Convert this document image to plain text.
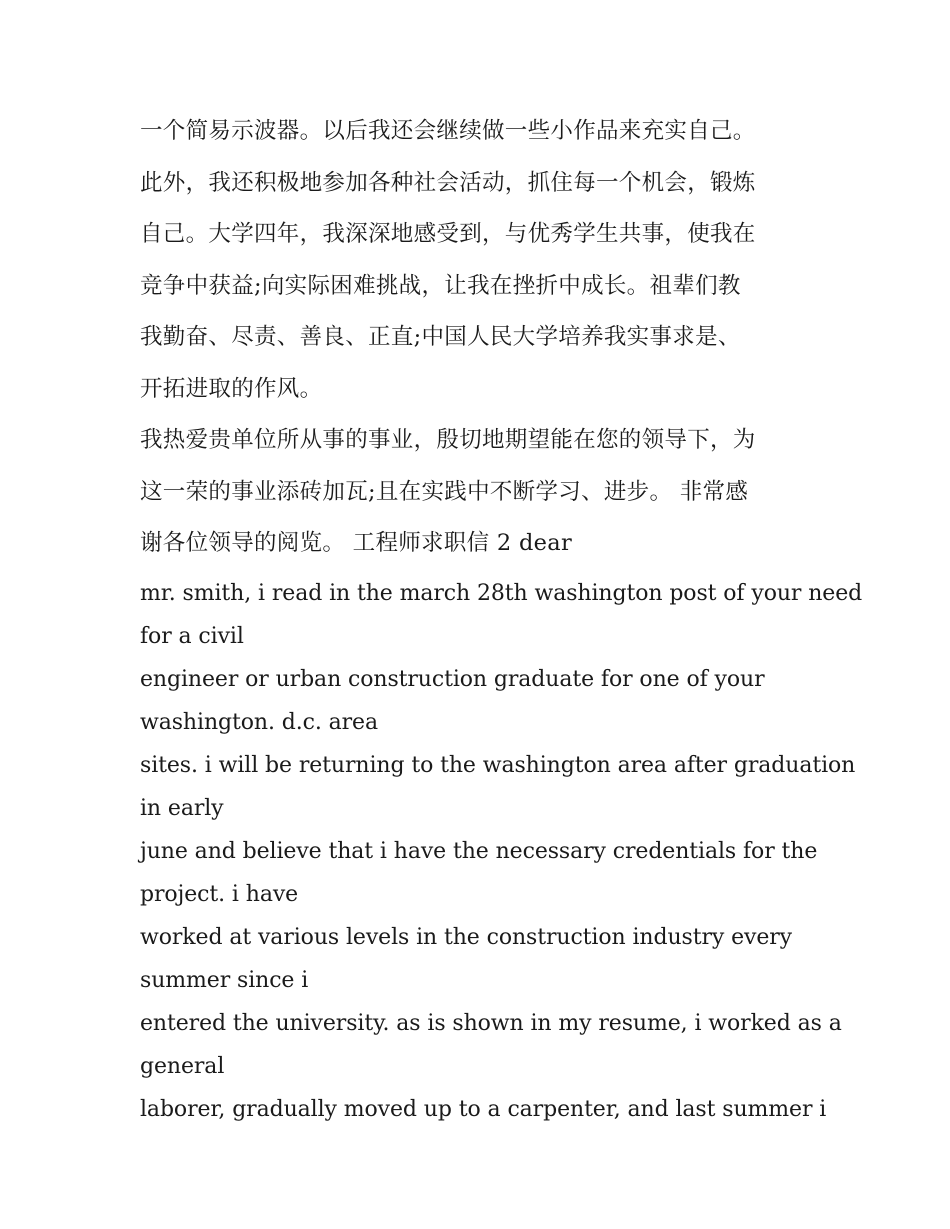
一个简易示波器。以后我还会继续做一些小作品来充实自己。
此外，我还积极地参加各种社会活动，抓住每一个机会，锻炼
自己。大学四年，我深深地感受到，与优秀学生共事，使我在
竞争中获益;向实际困难挑战，让我在挫折中成长。祖辈们教
我勤奋、尽责、善良、正直;中国人民大学培养我实事求是、
开拓进取的作风。

我热爱贵单位所从事的事业，殷切地期望能在您的领导下，为
这一荣的事业添砖加瓦;且在实践中不断学习、进步。 非常感
谢各位领导的阅览。 工程师求职信 2 dear

mr. smith, i read in the march 28th washington post of your need
for a civil
engineer or urban construction graduate for one of your
washington. d.c. area
sites. i will be returning to the washington area after graduation
in early
june and believe that i have the necessary credentials for the
project. i have
worked at various levels in the construction industry every
summer since i
entered the university. as is shown in my resume, i worked as a
general
laborer, gradually moved up to a carpenter, and last summer i
